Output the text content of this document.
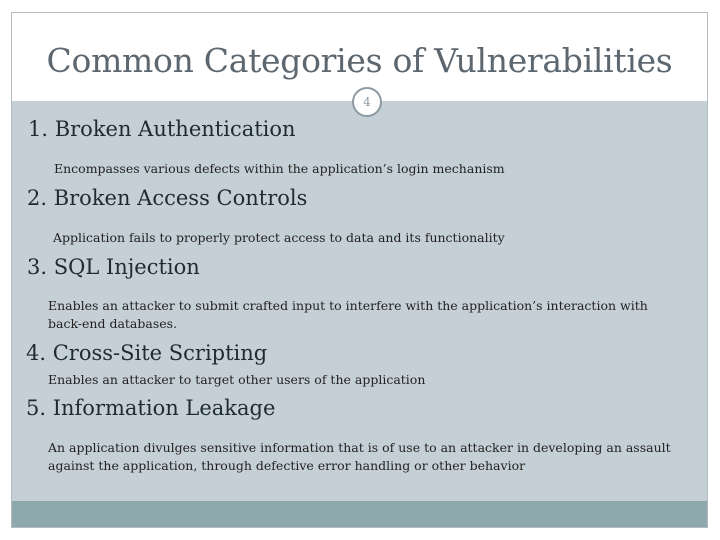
Common Categories of Vulnerabilities
4
1. Broken Authentication
Encompasses various defects within the application’s login mechanism
2. Broken Access Controls
Application fails to properly protect access to data and its functionality
3. SQL Injection
Enables an attacker to submit crafted input to interfere with the application’s interaction with back-end databases.
4. Cross-Site Scripting
Enables an attacker to target other users of the application
5. Information Leakage
An application divulges sensitive information that is of use to an attacker in developing an assault against the application, through defective error handling or other behavior
